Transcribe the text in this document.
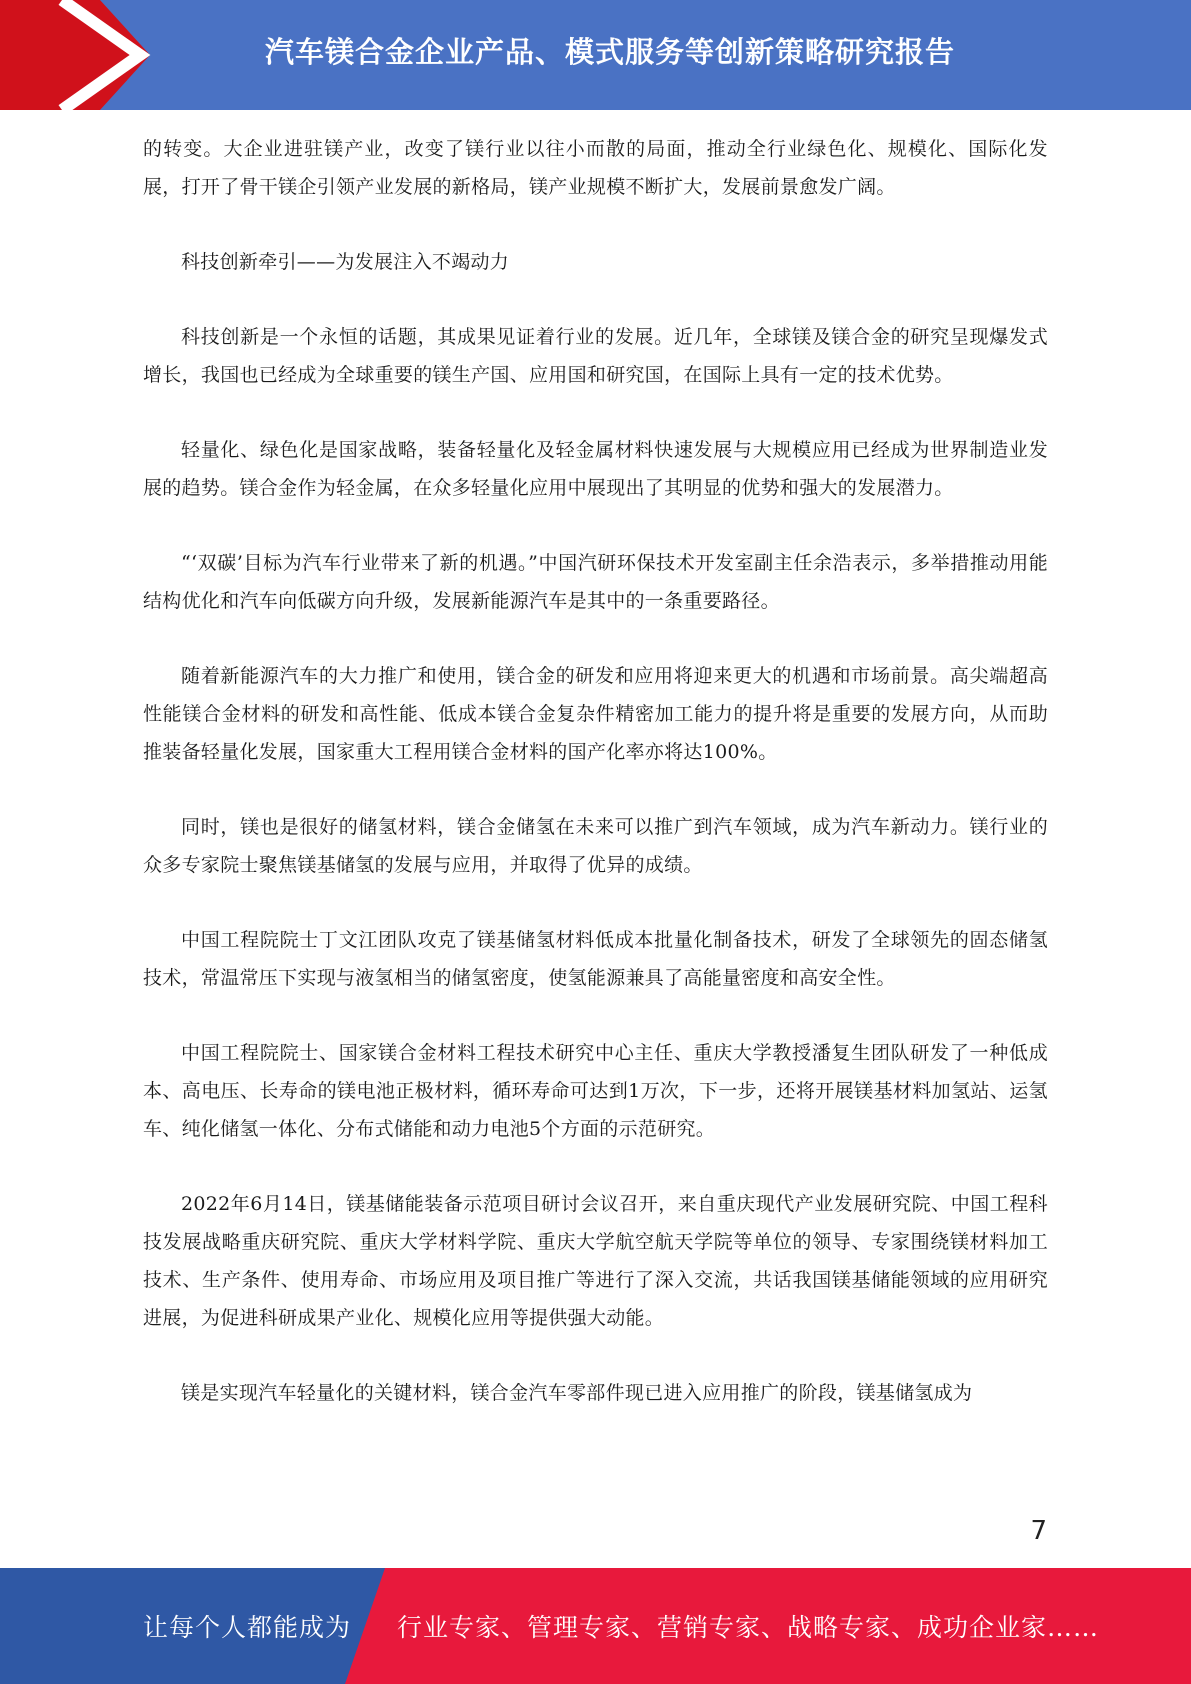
汽车镁合金企业产品、模式服务等创新策略研究报告

的转变。大企业进驻镁产业，改变了镁行业以往小而散的局面，推动全行业绿色化、规模化、国际化发展，打开了骨干镁企引领产业发展的新格局，镁产业规模不断扩大，发展前景愈发广阔。

科技创新牵引——为发展注入不竭动力

科技创新是一个永恒的话题，其成果见证着行业的发展。近几年，全球镁及镁合金的研究呈现爆发式增长，我国也已经成为全球重要的镁生产国、应用国和研究国，在国际上具有一定的技术优势。

轻量化、绿色化是国家战略，装备轻量化及轻金属材料快速发展与大规模应用已经成为世界制造业发展的趋势。镁合金作为轻金属，在众多轻量化应用中展现出了其明显的优势和强大的发展潜力。

“‘双碳’目标为汽车行业带来了新的机遇。”中国汽研环保技术开发室副主任余浩表示，多举措推动用能结构优化和汽车向低碳方向升级，发展新能源汽车是其中的一条重要路径。

随着新能源汽车的大力推广和使用，镁合金的研发和应用将迎来更大的机遇和市场前景。高尖端超高性能镁合金材料的研发和高性能、低成本镁合金复杂件精密加工能力的提升将是重要的发展方向，从而助推装备轻量化发展，国家重大工程用镁合金材料的国产化率亦将达100%。

同时，镁也是很好的储氢材料，镁合金储氢在未来可以推广到汽车领域，成为汽车新动力。镁行业的众多专家院士聚焦镁基储氢的发展与应用，并取得了优异的成绩。

中国工程院院士丁文江团队攻克了镁基储氢材料低成本批量化制备技术，研发了全球领先的固态储氢技术，常温常压下实现与液氢相当的储氢密度，使氢能源兼具了高能量密度和高安全性。

中国工程院院士、国家镁合金材料工程技术研究中心主任、重庆大学教授潘复生团队研发了一种低成本、高电压、长寿命的镁电池正极材料，循环寿命可达到1万次，下一步，还将开展镁基材料加氢站、运氢车、纯化储氢一体化、分布式储能和动力电池5个方面的示范研究。

2022年6月14日，镁基储能装备示范项目研讨会议召开，来自重庆现代产业发展研究院、中国工程科技发展战略重庆研究院、重庆大学材料学院、重庆大学航空航天学院等单位的领导、专家围绕镁材料加工技术、生产条件、使用寿命、市场应用及项目推广等进行了深入交流，共话我国镁基储能领域的应用研究进展，为促进科研成果产业化、规模化应用等提供强大动能。

镁是实现汽车轻量化的关键材料，镁合金汽车零部件现已进入应用推广的阶段，镁基储氢成为

7
让每个人都能成为 行业专家、管理专家、营销专家、战略专家、成功企业家……
